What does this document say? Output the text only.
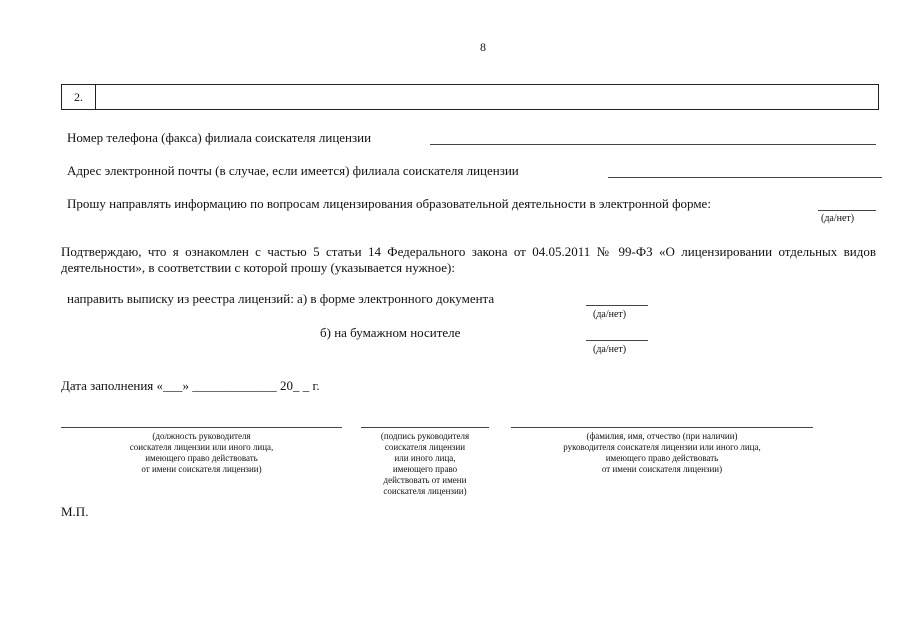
8
2.
Номер телефона (факса) филиала соискателя лицензии
Адрес электронной почты (в случае, если имеется) филиала соискателя лицензии
Прошу направлять информацию по вопросам лицензирования образовательной деятельности в электронной форме:
(да/нет)
Подтверждаю, что я ознакомлен с частью 5 статьи 14 Федерального закона от 04.05.2011 № 99-ФЗ «О лицензировании отдельных видов деятельности», в соответствии с которой прошу (указывается нужное):
направить выписку из реестра лицензий: а) в форме электронного документа
(да/нет)
б) на бумажном носителе
(да/нет)
Дата заполнения «___» _____________ 20_ _ г.
(должность руководителя
соискателя лицензии или иного лица,
имеющего право действовать
от имени соискателя лицензии)
(подпись руководителя
соискателя лицензии
или иного лица,
имеющего право
действовать от имени
соискателя лицензии)
(фамилия, имя, отчество (при наличии)
руководителя соискателя лицензии или иного лица,
имеющего право действовать
от имени соискателя лицензии)
М.П.
